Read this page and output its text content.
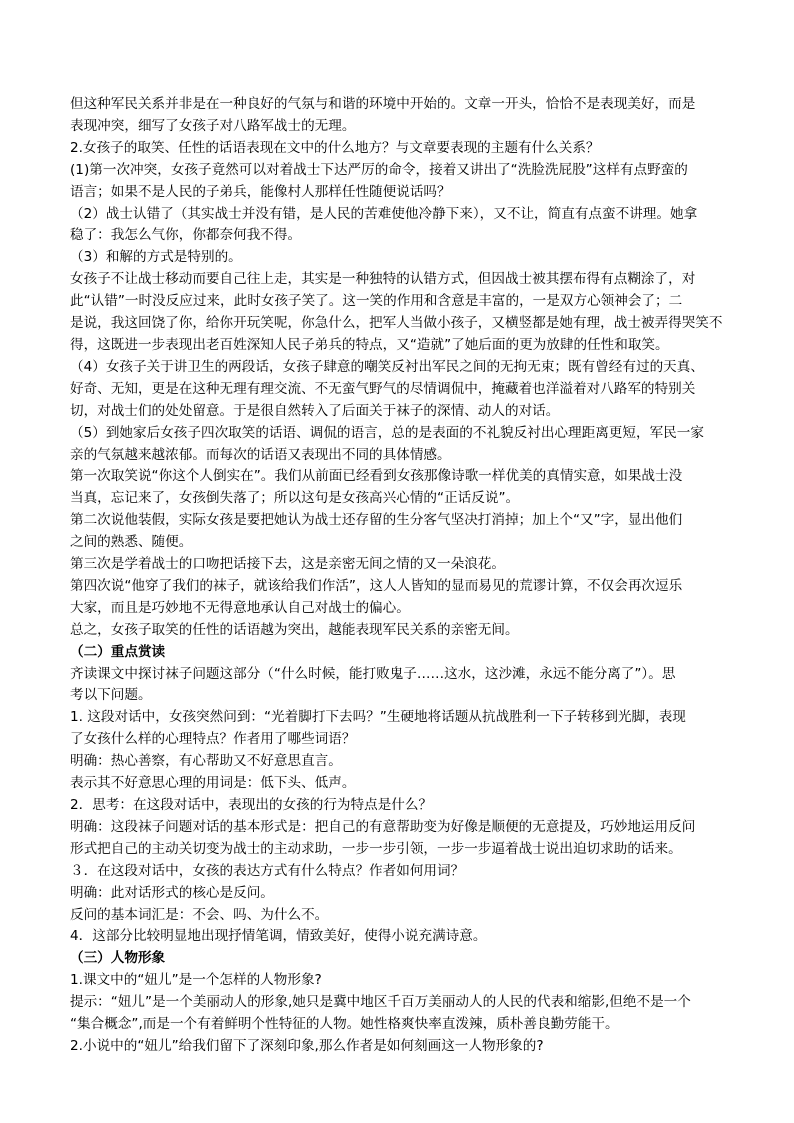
但这种军民关系并非是在一种良好的气氛与和谐的环境中开始的。文章一开头，恰恰不是表现美好，而是
表现冲突，细写了女孩子对八路军战士的无理。
2.女孩子的取笑、任性的话语表现在文中的什么地方？与文章要表现的主题有什么关系？
(1)第一次冲突，女孩子竟然可以对着战士下达严厉的命令，接着又讲出了“洗脸洗屁股”这样有点野蛮的
语言；如果不是人民的子弟兵，能像村人那样任性随便说话吗？
（2）战士认错了（其实战士并没有错，是人民的苦难使他冷静下来），又不让，简直有点蛮不讲理。她拿
稳了：我怎么气你，你都奈何我不得。
（3）和解的方式是特别的。
女孩子不让战士移动而要自己往上走，其实是一种独特的认错方式，但因战士被其摆布得有点糊涂了，对
此“认错”一时没反应过来，此时女孩子笑了。这一笑的作用和含意是丰富的，一是双方心领神会了；二
是说，我这回饶了你，给你开玩笑呢，你急什么，把军人当做小孩子，又横竖都是她有理，战士被弄得哭笑不
得，这既进一步表现出老百姓深知人民子弟兵的特点，又“造就”了她后面的更为放肆的任性和取笑。
（4）女孩子关于讲卫生的两段话，女孩子肆意的嘲笑反衬出军民之间的无拘无束；既有曾经有过的天真、
好奇、无知，更是在这种无理有理交流、不无蛮气野气的尽情调侃中，掩藏着也洋溢着对八路军的特别关
切，对战士们的处处留意。于是很自然转入了后面关于袜子的深情、动人的对话。
（5）到她家后女孩子四次取笑的话语、调侃的语言，总的是表面的不礼貌反衬出心理距离更短，军民一家
亲的气氛越来越浓郁。而每次的话语又表现出不同的具体情感。
第一次取笑说“你这个人倒实在”。我们从前面已经看到女孩那像诗歌一样优美的真情实意，如果战士没
当真，忘记来了，女孩倒失落了；所以这句是女孩高兴心情的“正话反说”。
第二次说他装假，实际女孩是要把她认为战士还存留的生分客气坚决打消掉；加上个“又”字，显出他们
之间的熟悉、随便。
第三次是学着战士的口吻把话接下去，这是亲密无间之情的又一朵浪花。
第四次说“他穿了我们的袜子，就该给我们作活”，这人人皆知的显而易见的荒谬计算，不仅会再次逗乐
大家，而且是巧妙地不无得意地承认自己对战士的偏心。
总之，女孩子取笑的任性的话语越为突出，越能表现军民关系的亲密无间。
（二）重点赏读
齐读课文中探讨袜子问题这部分（“什么时候，能打败鬼子……这水，这沙滩，永远不能分离了”）。思
考以下问题。
1. 这段对话中，女孩突然问到：“光着脚打下去吗？”生硬地将话题从抗战胜利一下子转移到光脚，表现
了女孩什么样的心理特点？作者用了哪些词语？
明确：热心善察，有心帮助又不好意思直言。
表示其不好意思心理的用词是：低下头、低声。
2．思考：在这段对话中，表现出的女孩的行为特点是什么？
明确：这段袜子问题对话的基本形式是：把自己的有意帮助变为好像是顺便的无意提及，巧妙地运用反问
形式把自己的主动关切变为战士的主动求助，一步一步引领，一步一步逼着战士说出迫切求助的话来。
３．在这段对话中，女孩的表达方式有什么特点？作者如何用词？
明确：此对话形式的核心是反问。
反问的基本词汇是：不会、吗、为什么不。
4．这部分比较明显地出现抒情笔调，情致美好，使得小说充满诗意。
（三）人物形象
1.课文中的“妞儿”是一个怎样的人物形象?
提示：“妞儿”是一个美丽动人的形象,她只是冀中地区千百万美丽动人的人民的代表和缩影,但绝不是一个
“集合概念”,而是一个有着鲜明个性特征的人物。她性格爽快率直泼辣，质朴善良勤劳能干。
2.小说中的“妞儿”给我们留下了深刻印象,那么作者是如何刻画这一人物形象的?
